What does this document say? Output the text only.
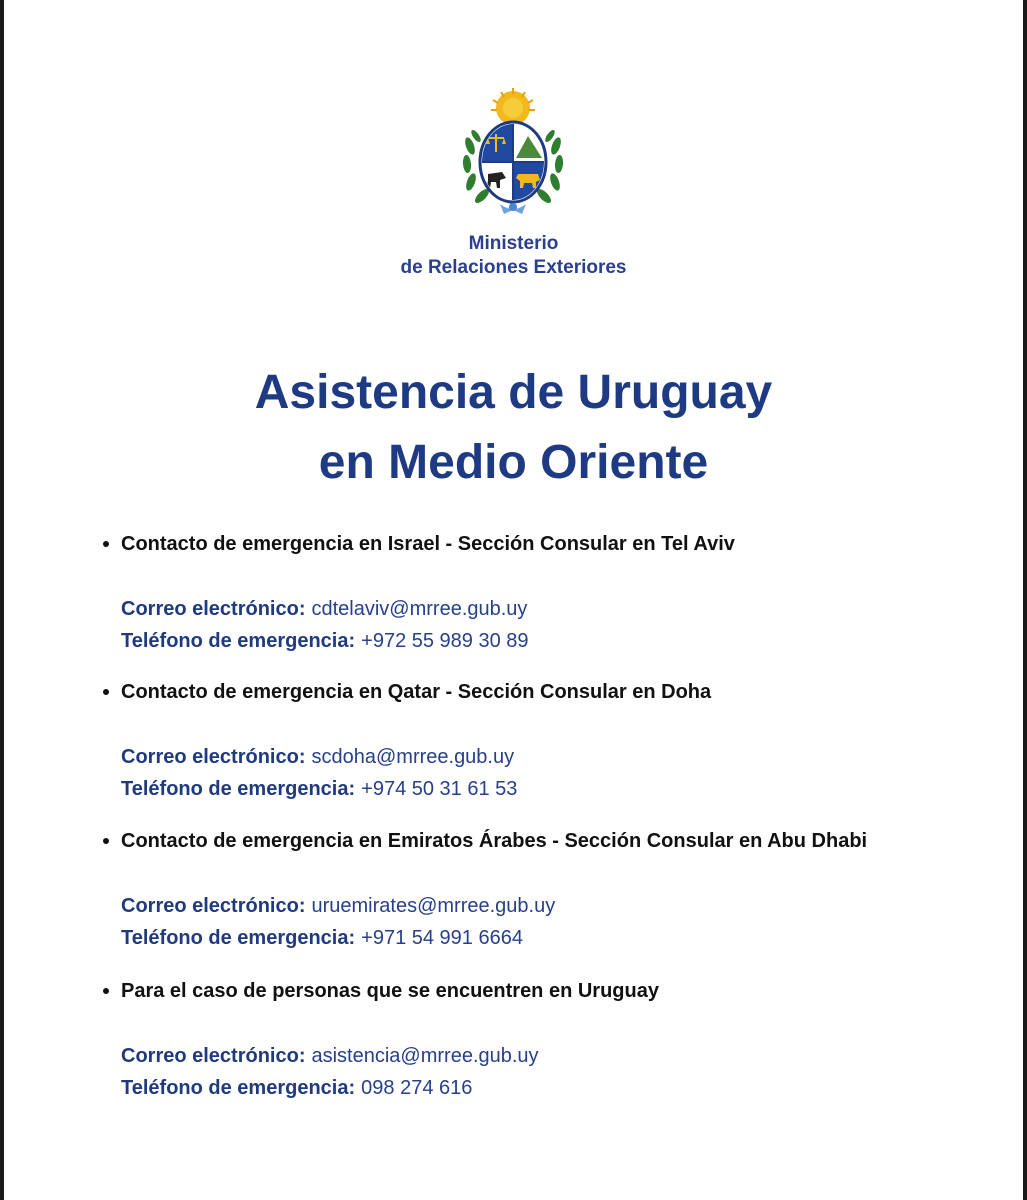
Ministerio
de Relaciones Exteriores
Asistencia de Uruguay
en Medio Oriente
Contacto de emergencia en Israel - Sección Consular en Tel Aviv
Correo electrónico: cdtelaviv@mrree.gub.uy
Teléfono de emergencia: +972 55 989 30 89
Contacto de emergencia en Qatar - Sección Consular en Doha
Correo electrónico: scdoha@mrree.gub.uy
Teléfono de emergencia: +974 50 31 61 53
Contacto de emergencia en Emiratos Árabes - Sección Consular en Abu Dhabi
Correo electrónico: uruemirates@mrree.gub.uy
Teléfono de emergencia: +971 54 991 6664
Para el caso de personas que se encuentren en Uruguay
Correo electrónico: asistencia@mrree.gub.uy
Teléfono de emergencia: 098 274 616
